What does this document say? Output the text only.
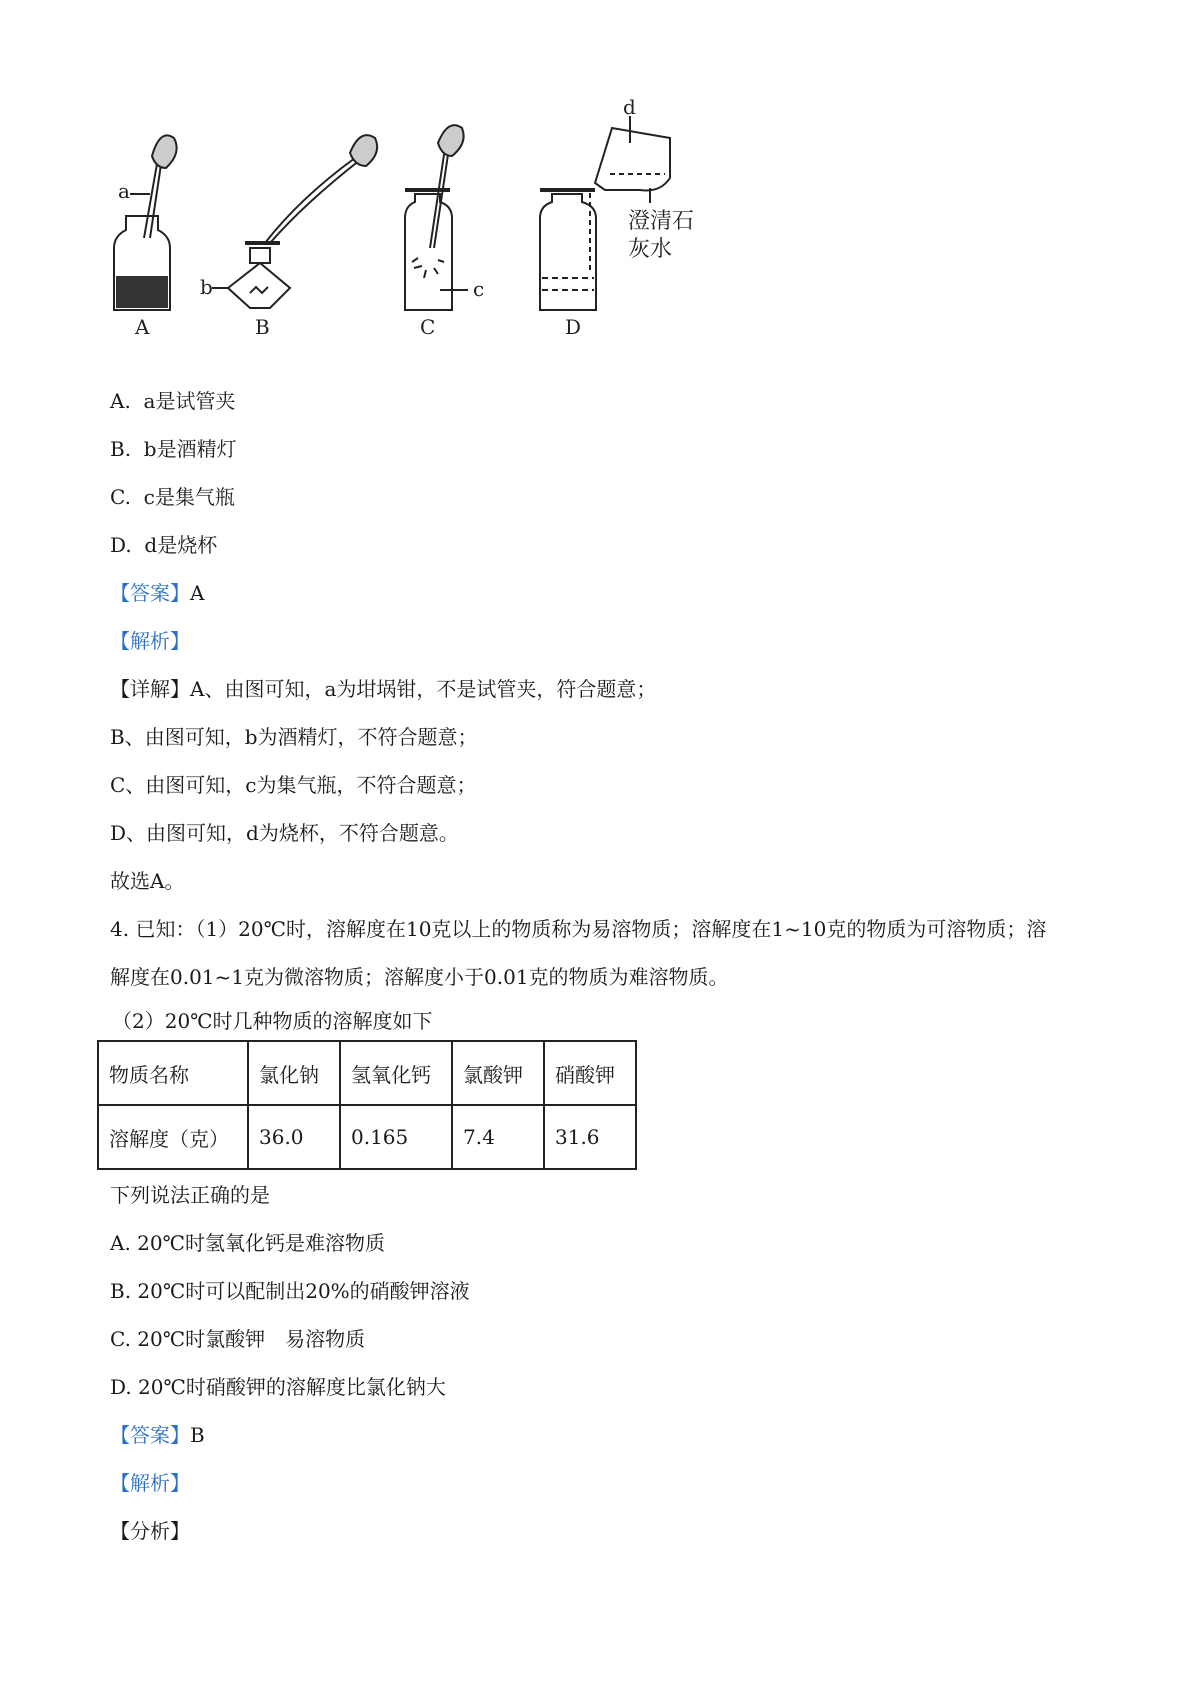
a
b	c
d
A	B	C	D
澄清石
灰水
A. a是试管夹
B. b是酒精灯
C. c是集气瓶
D. d是烧杯
【答案】A
【解析】
【详解】A、由图可知，a为坩埚钳，不是试管夹，符合题意；
B、由图可知，b为酒精灯，不符合题意；
C、由图可知，c为集气瓶，不符合题意；
D、由图可知，d为烧杯，不符合题意。
故选A。
4. 已知：（1）20℃时，溶解度在10克以上的物质称为易溶物质；溶解度在1~10克的物质为可溶物质；溶
解度在0.01~1克为微溶物质；溶解度小于0.01克的物质为难溶物质。
（2）20℃时几种物质的溶解度如下
物质名称	氯化钠	氢氧化钙	氯酸钾	硝酸钾
溶解度（克）	36.0	0.165	7.4	31.6
下列说法正确的是
A. 20℃时氢氧化钙是难溶物质
B. 20℃时可以配制出20%的硝酸钾溶液
C. 20℃时氯酸钾　易溶物质
D. 20℃时硝酸钾的溶解度比氯化钠大
【答案】B
【解析】
【分析】
